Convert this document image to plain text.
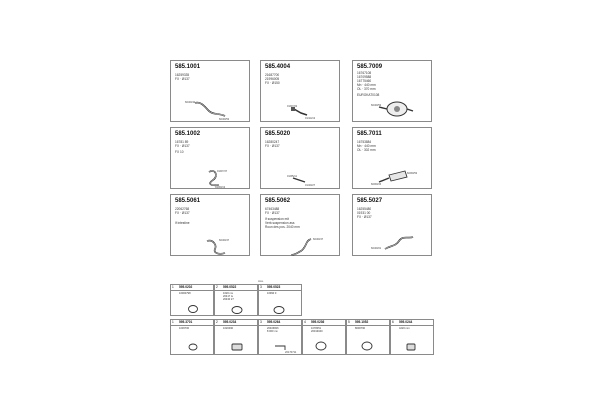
585.1001
16259335
FX · Ø137
60/40/42
60/40/53
585.4004
21687700
21996005
FX · Ø150
01/07/03
01/14/13
585.7009
16767108
16709588
16775460
Mn · 440 mm
OL · 370 mm
EUROKAT0108
60/40/53
585.1002
16781 89
FX · Ø137
FX 10
01/07/37
04/60/13
585.5020
16280247
FX · Ø137
01/65/11
01/20/27
585.7011
16753884
Mn · 440 mm
OL · 302 mm
60/60/53
60/60/15
585.5061
22062768
FX · Ø137
If intestine
60/40/47
585.5062
67463488
FX · Ø137
If suspension mit
Verb.suspension ass
Roun des pos. 2040 mm
60/40/47
585.5027
16255480
01931 00
FX · Ø137
60/40/01
Ass.
1 595.0202
16000798
2 595.0522
1620 ms
20417 ts
20430 27
3 595.0523
16990 0
1 595.3701
1036700
2 595.0234
1620490
3 595.0264
20406826
8 000 mx
20170711
4 595.0236
1078451
20013040
5 595.1052
8000790
6 595.0244
4220 mm
